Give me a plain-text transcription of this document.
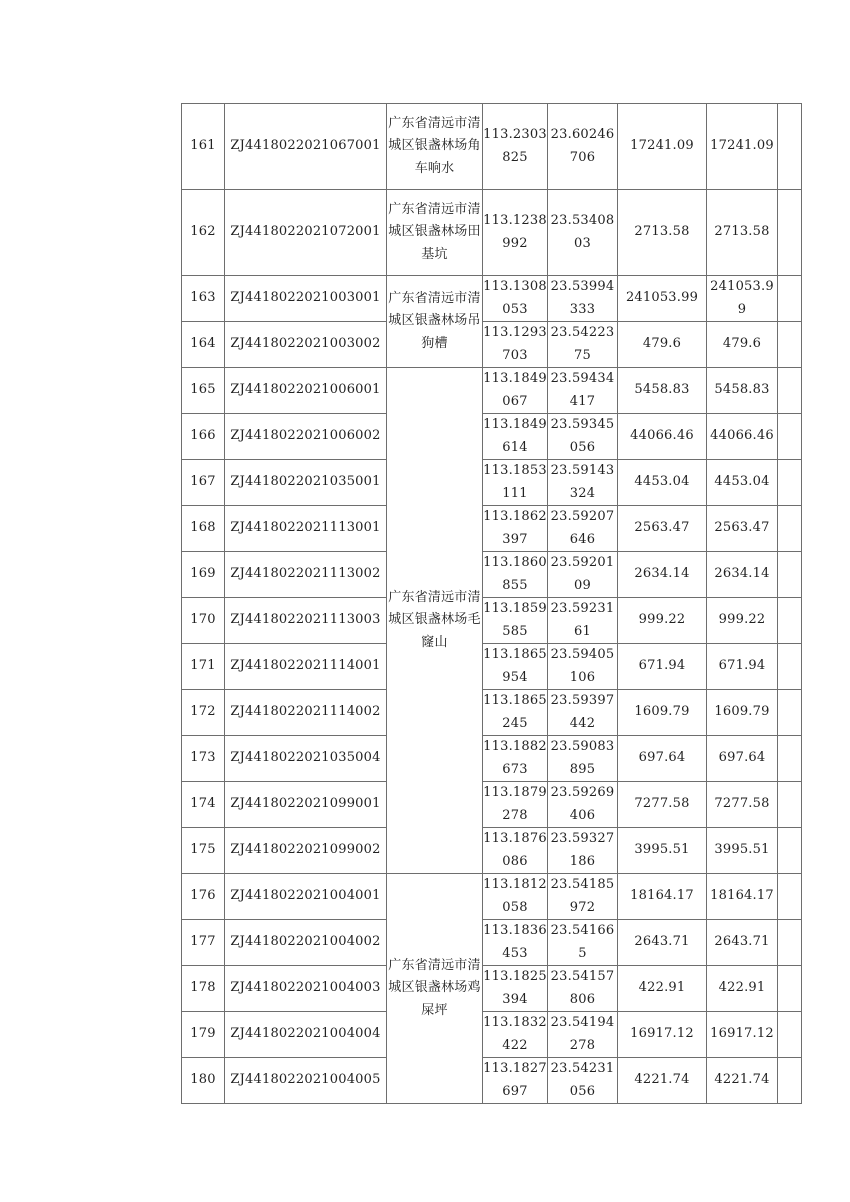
161	ZJ4418022021067001	广东省清远市清城区银盏林场角车响水	113.2303825	23.60246706	17241.09	17241.09	
162	ZJ4418022021072001	广东省清远市清城区银盏林场田基坑	113.1238992	23.5340803	2713.58	2713.58	
163	ZJ4418022021003001	广东省清远市清城区银盏林场吊狗槽	113.1308053	23.53994333	241053.99	241053.99	
164	ZJ4418022021003002		113.1293703	23.5422375	479.6	479.6	
165	ZJ4418022021006001	广东省清远市清城区银盏林场毛窿山	113.1849067	23.59434417	5458.83	5458.83	
166	ZJ4418022021006002		113.1849614	23.59345056	44066.46	44066.46	
167	ZJ4418022021035001		113.1853111	23.59143324	4453.04	4453.04	
168	ZJ4418022021113001		113.1862397	23.59207646	2563.47	2563.47	
169	ZJ4418022021113002		113.1860855	23.5920109	2634.14	2634.14	
170	ZJ4418022021113003		113.1859585	23.5923161	999.22	999.22	
171	ZJ4418022021114001		113.1865954	23.59405106	671.94	671.94	
172	ZJ4418022021114002		113.1865245	23.59397442	1609.79	1609.79	
173	ZJ4418022021035004		113.1882673	23.59083895	697.64	697.64	
174	ZJ4418022021099001		113.1879278	23.59269406	7277.58	7277.58	
175	ZJ4418022021099002		113.1876086	23.59327186	3995.51	3995.51	
176	ZJ4418022021004001	广东省清远市清城区银盏林场鸡屎坪	113.1812058	23.54185972	18164.17	18164.17	
177	ZJ4418022021004002		113.1836453	23.541665	2643.71	2643.71	
178	ZJ4418022021004003		113.1825394	23.54157806	422.91	422.91	
179	ZJ4418022021004004		113.1832422	23.54194278	16917.12	16917.12	
180	ZJ4418022021004005		113.1827697	23.54231056	4221.74	4221.74	
